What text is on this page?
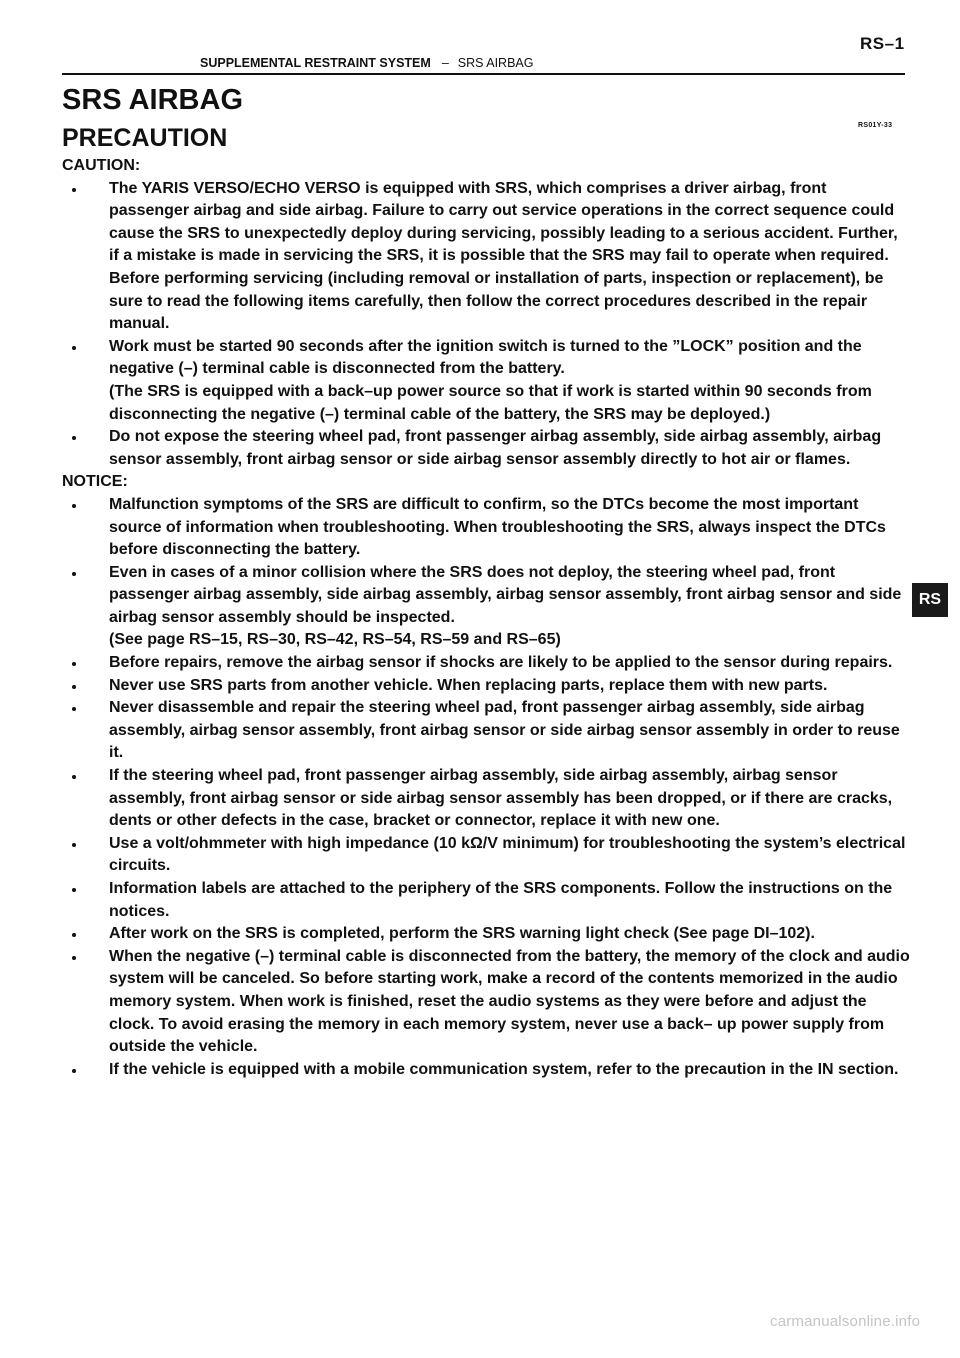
RS–1
SUPPLEMENTAL RESTRAINT SYSTEM – SRS AIRBAG
SRS AIRBAG
PRECAUTION	RS01Y-33
CAUTION:
The YARIS VERSO/ECHO VERSO is equipped with SRS, which comprises a driver airbag, front passenger airbag and side airbag. Failure to carry out service operations in the correct sequence could cause the SRS to unexpectedly deploy during servicing, possibly leading to a serious accident. Further, if a mistake is made in servicing the SRS, it is possible that the SRS may fail to operate when required. Before performing servicing (including removal or installation of parts, inspection or replacement), be sure to read the following items carefully, then follow the correct procedures described in the repair manual.
Work must be started 90 seconds after the ignition switch is turned to the ”LOCK” position and the negative (–) terminal cable is disconnected from the battery.
(The SRS is equipped with a back–up power source so that if work is started within 90 seconds from disconnecting the negative (–) terminal cable of the battery, the SRS may be deployed.)
Do not expose the steering wheel pad, front passenger airbag assembly, side airbag assembly, airbag sensor assembly, front airbag sensor or side airbag sensor assembly directly to hot air or flames.
NOTICE:
Malfunction symptoms of the SRS are difficult to confirm, so the DTCs become the most important source of information when troubleshooting. When troubleshooting the SRS, always inspect the DTCs before disconnecting the battery.
Even in cases of a minor collision where the SRS does not deploy, the steering wheel pad, front passenger airbag assembly, side airbag assembly, airbag sensor assembly, front airbag sensor and side airbag sensor assembly should be inspected.
(See page RS–15, RS–30, RS–42, RS–54, RS–59 and RS–65)
Before repairs, remove the airbag sensor if shocks are likely to be applied to the sensor during repairs.
Never use SRS parts from another vehicle. When replacing parts, replace them with new parts.
Never disassemble and repair the steering wheel pad, front passenger airbag assembly, side airbag assembly, airbag sensor assembly, front airbag sensor or side airbag sensor assembly in order to reuse it.
If the steering wheel pad, front passenger airbag assembly, side airbag assembly, airbag sensor assembly, front airbag sensor or side airbag sensor assembly has been dropped, or if there are cracks, dents or other defects in the case, bracket or connector, replace it with new one.
Use a volt/ohmmeter with high impedance (10 kΩ/V minimum) for troubleshooting the system’s electrical circuits.
Information labels are attached to the periphery of the SRS components. Follow the instructions on the notices.
After work on the SRS is completed, perform the SRS warning light check (See page DI–102).
When the negative (–) terminal cable is disconnected from the battery, the memory of the clock and audio system will be canceled. So before starting work, make a record of the contents memorized in the audio memory system. When work is finished, reset the audio systems as they were before and adjust the clock. To avoid erasing the memory in each memory system, never use a back– up power supply from outside the vehicle.
If the vehicle is equipped with a mobile communication system, refer to the precaution in the IN section.
RS
carmanualsonline.info
